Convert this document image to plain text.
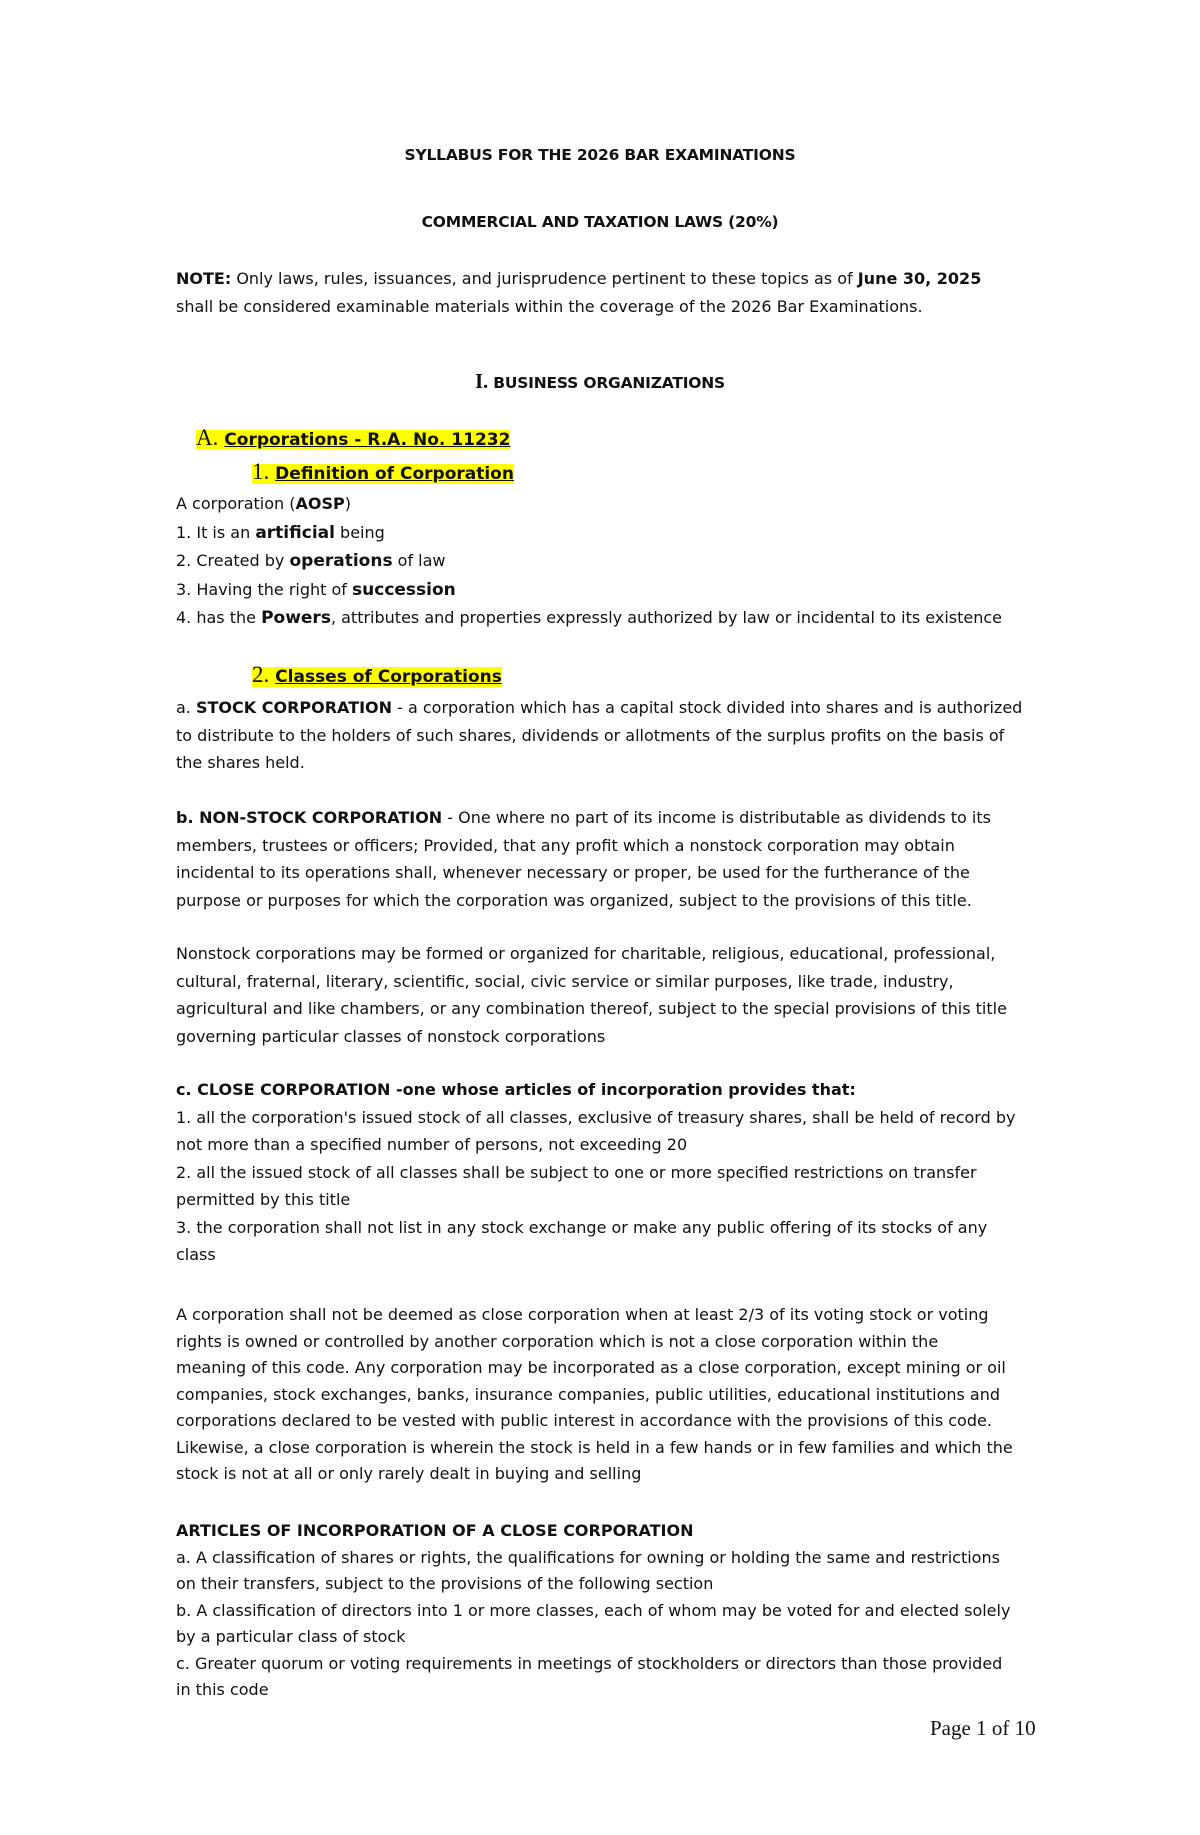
SYLLABUS FOR THE 2026 BAR EXAMINATIONS
COMMERCIAL AND TAXATION LAWS (20%)
NOTE: Only laws, rules, issuances, and jurisprudence pertinent to these topics as of June 30, 2025
shall be considered examinable materials within the coverage of the 2026 Bar Examinations.
I. BUSINESS ORGANIZATIONS
A. Corporations - R.A. No. 11232
1. Definition of Corporation
A corporation (AOSP)
1. It is an artificial being
2. Created by operations of law
3. Having the right of succession
4. has the Powers, attributes and properties expressly authorized by law or incidental to its existence
2. Classes of Corporations
a. STOCK CORPORATION - a corporation which has a capital stock divided into shares and is authorized
to distribute to the holders of such shares, dividends or allotments of the surplus profits on the basis of
the shares held.
b. NON-STOCK CORPORATION - One where no part of its income is distributable as dividends to its
members, trustees or officers; Provided, that any profit which a nonstock corporation may obtain
incidental to its operations shall, whenever necessary or proper, be used for the furtherance of the
purpose or purposes for which the corporation was organized, subject to the provisions of this title.
Nonstock corporations may be formed or organized for charitable, religious, educational, professional,
cultural, fraternal, literary, scientific, social, civic service or similar purposes, like trade, industry,
agricultural and like chambers, or any combination thereof, subject to the special provisions of this title
governing particular classes of nonstock corporations
c. CLOSE CORPORATION -one whose articles of incorporation provides that:
1. all the corporation's issued stock of all classes, exclusive of treasury shares, shall be held of record by
not more than a specified number of persons, not exceeding 20
2. all the issued stock of all classes shall be subject to one or more specified restrictions on transfer
permitted by this title
3. the corporation shall not list in any stock exchange or make any public offering of its stocks of any
class
A corporation shall not be deemed as close corporation when at least 2/3 of its voting stock or voting
rights is owned or controlled by another corporation which is not a close corporation within the
meaning of this code. Any corporation may be incorporated as a close corporation, except mining or oil
companies, stock exchanges, banks, insurance companies, public utilities, educational institutions and
corporations declared to be vested with public interest in accordance with the provisions of this code.
Likewise, a close corporation is wherein the stock is held in a few hands or in few families and which the
stock is not at all or only rarely dealt in buying and selling
ARTICLES OF INCORPORATION OF A CLOSE CORPORATION
a. A classification of shares or rights, the qualifications for owning or holding the same and restrictions
on their transfers, subject to the provisions of the following section
b. A classification of directors into 1 or more classes, each of whom may be voted for and elected solely
by a particular class of stock
c. Greater quorum or voting requirements in meetings of stockholders or directors than those provided
in this code
Page 1 of 10
